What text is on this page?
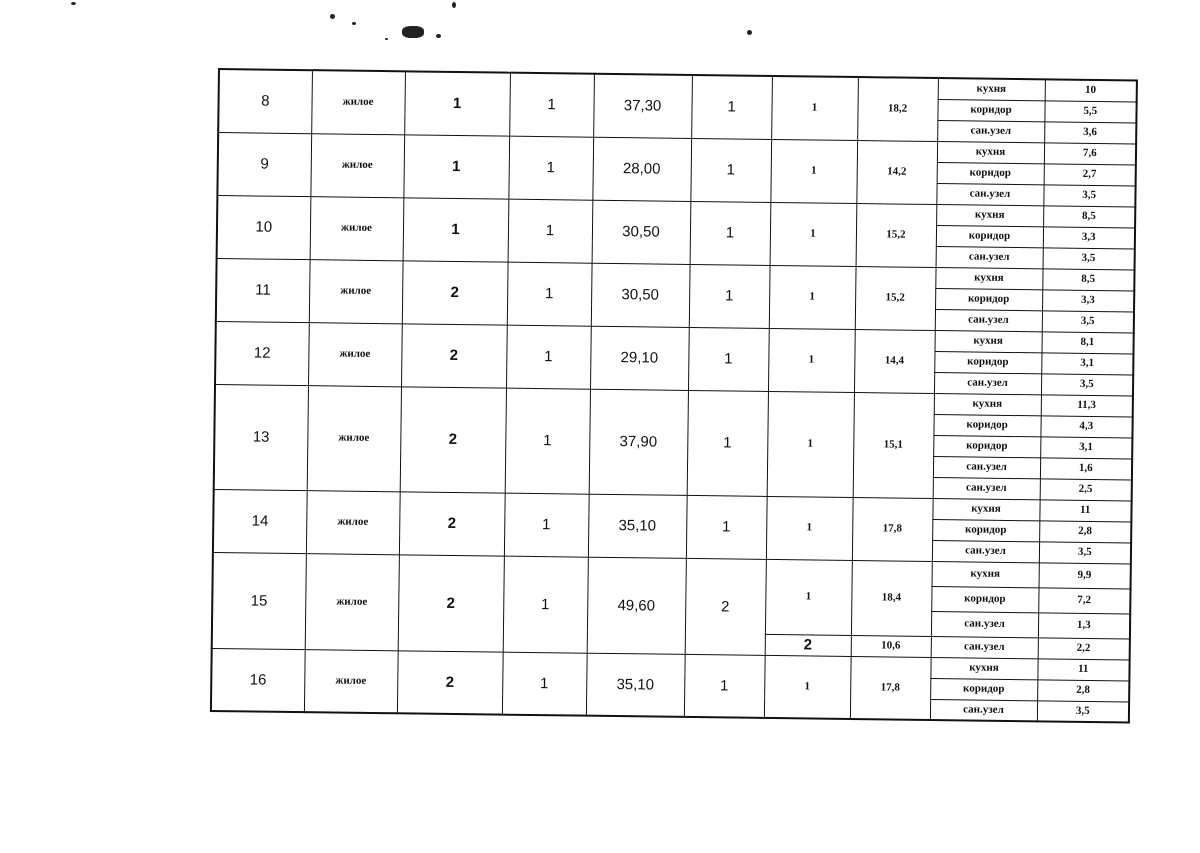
8	жилое	1	1	37,30	1	1	18,2	кухня	10
								коридор	5,5
								сан.узел	3,6
9	жилое	1	1	28,00	1	1	14,2	кухня	7,6
								коридор	2,7
								сан.узел	3,5
10	жилое	1	1	30,50	1	1	15,2	кухня	8,5
								коридор	3,3
								сан.узел	3,5
11	жилое	2	1	30,50	1	1	15,2	кухня	8,5
								коридор	3,3
								сан.узел	3,5
12	жилое	2	1	29,10	1	1	14,4	кухня	8,1
								коридор	3,1
								сан.узел	3,5
13	жилое	2	1	37,90	1	1	15,1	кухня	11,3
								коридор	4,3
								коридор	3,1
								сан.узел	1,6
								сан.узел	2,5
14	жилое	2	1	35,10	1	1	17,8	кухня	11
								коридор	2,8
								сан.узел	3,5
15	жилое	2	1	49,60	2	1	18,4	кухня	9,9
								коридор	7,2
								сан.узел	1,3
						2	10,6	сан.узел	2,2
16	жилое	2	1	35,10	1	1	17,8	кухня	11
								коридор	2,8
								сан.узел	3,5
